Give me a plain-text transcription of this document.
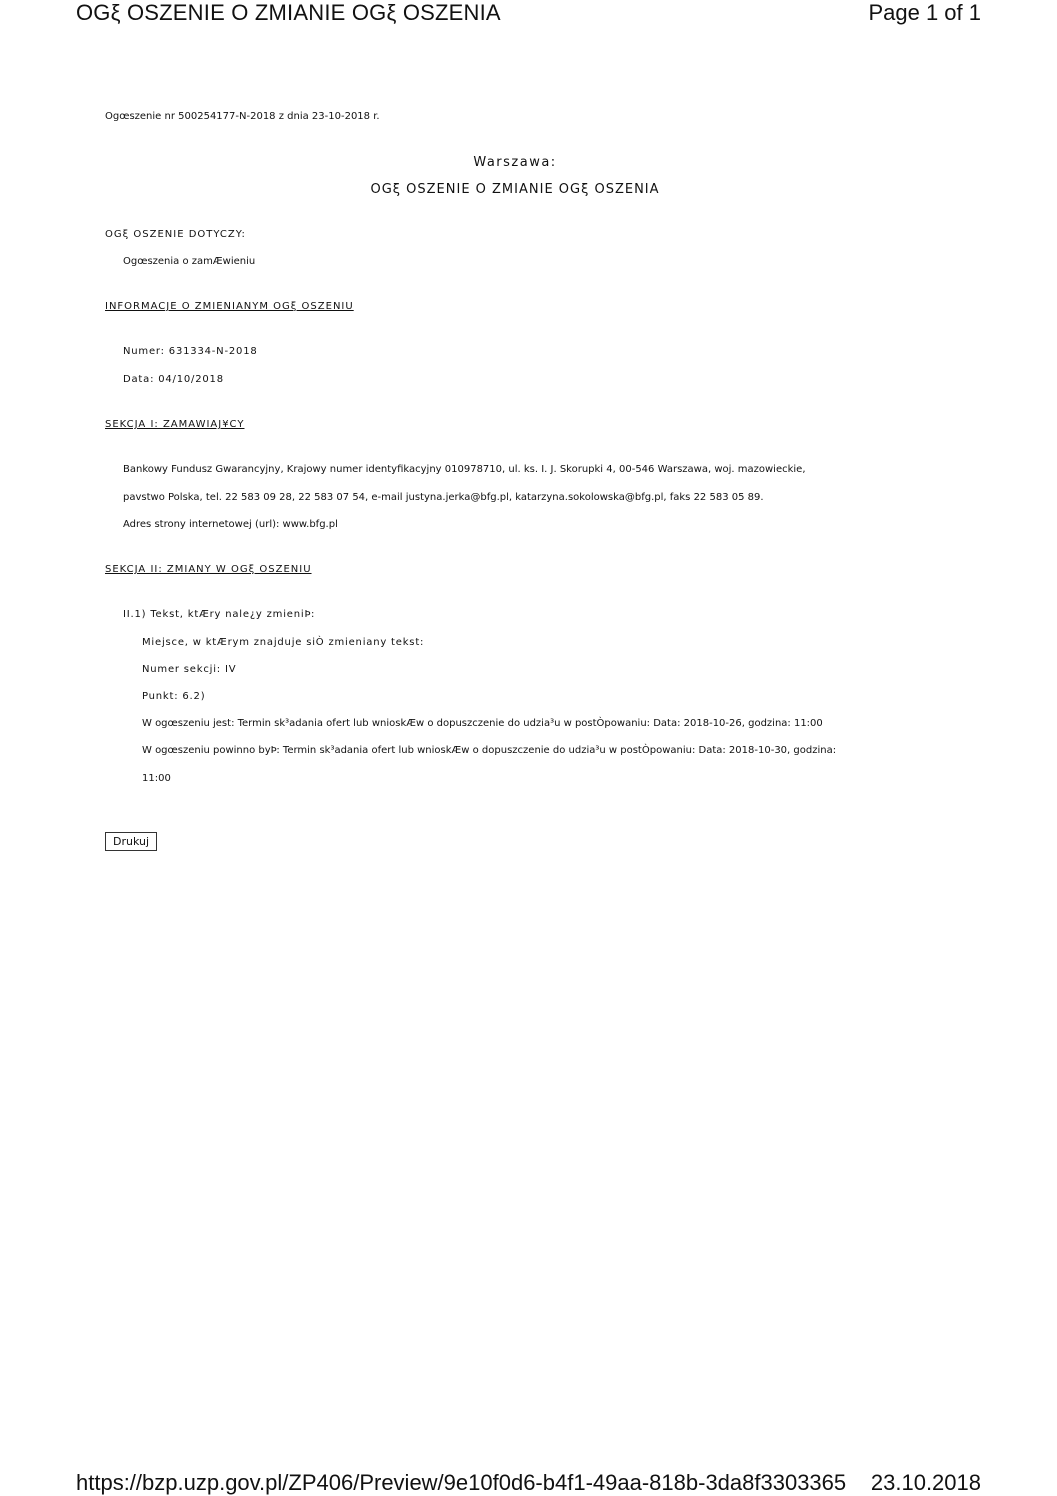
OGξ OSZENIE O ZMIANIE OGξ OSZENIA	Page 1 of 1
Ogœszenie nr 500254177-N-2018 z dnia 23-10-2018 r.
Warszawa:
OGξ OSZENIE O ZMIANIE OGξ OSZENIA
OGξ OSZENIE DOTYCZY:
Ogœszenia o zamÆwieniu
INFORMACJE O ZMIENIANYM OGξ OSZENIU
Numer: 631334-N-2018
Data: 04/10/2018
SEKCJA I: ZAMAWIAJ¥CY
Bankowy Fundusz Gwarancyjny, Krajowy numer identyfikacyjny 010978710, ul. ks. I. J. Skorupki 4, 00-546 Warszawa, woj. mazowieckie,
pavstwo Polska, tel. 22 583 09 28, 22 583 07 54, e-mail justyna.jerka@bfg.pl, katarzyna.sokolowska@bfg.pl, faks 22 583 05 89.
Adres strony internetowej (url): www.bfg.pl
SEKCJA II: ZMIANY W OGξ OSZENIU
II.1) Tekst, ktÆry nale¿y zmieniÞ:
Miejsce, w ktÆrym znajduje siÒ zmieniany tekst:
Numer sekcji: IV
Punkt: 6.2)
W ogœszeniu jest: Termin sk³adania ofert lub wnioskÆw o dopuszczenie do udzia³u w postÒpowaniu: Data: 2018-10-26, godzina: 11:00
W ogœszeniu powinno byÞ: Termin sk³adania ofert lub wnioskÆw o dopuszczenie do udzia³u w postÒpowaniu: Data: 2018-10-30, godzina:
11:00
Drukuj
https://bzp.uzp.gov.pl/ZP406/Preview/9e10f0d6-b4f1-49aa-818b-3da8f3303365 23.10.2018
